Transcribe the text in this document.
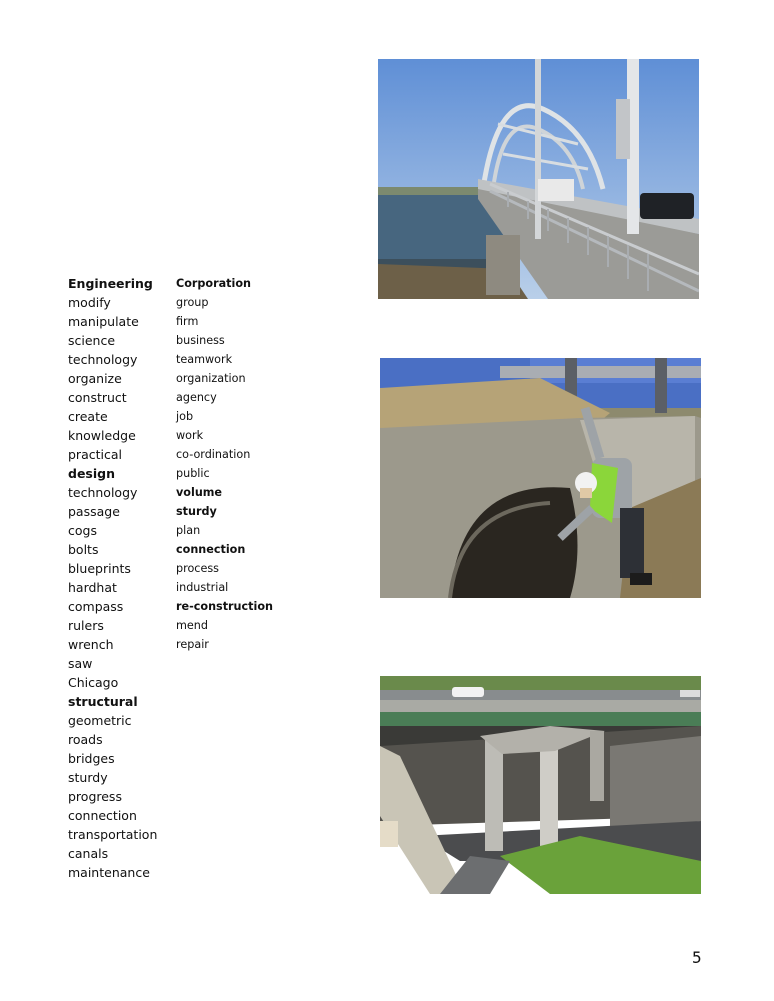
Engineering
modify
manipulate
science
technology
organize
construct
create
knowledge
practical
design
technology
passage
cogs
bolts
blueprints
hardhat
compass
rulers
wrench
saw
Chicago
structural
geometric
roads
bridges
sturdy
progress
connection
transportation
canals
maintenance
Corporation
group
firm
business
teamwork
organization
agency
job
work
co-ordination
public
volume
sturdy
plan
connection
process
industrial
re-construction
mend
repair
5
